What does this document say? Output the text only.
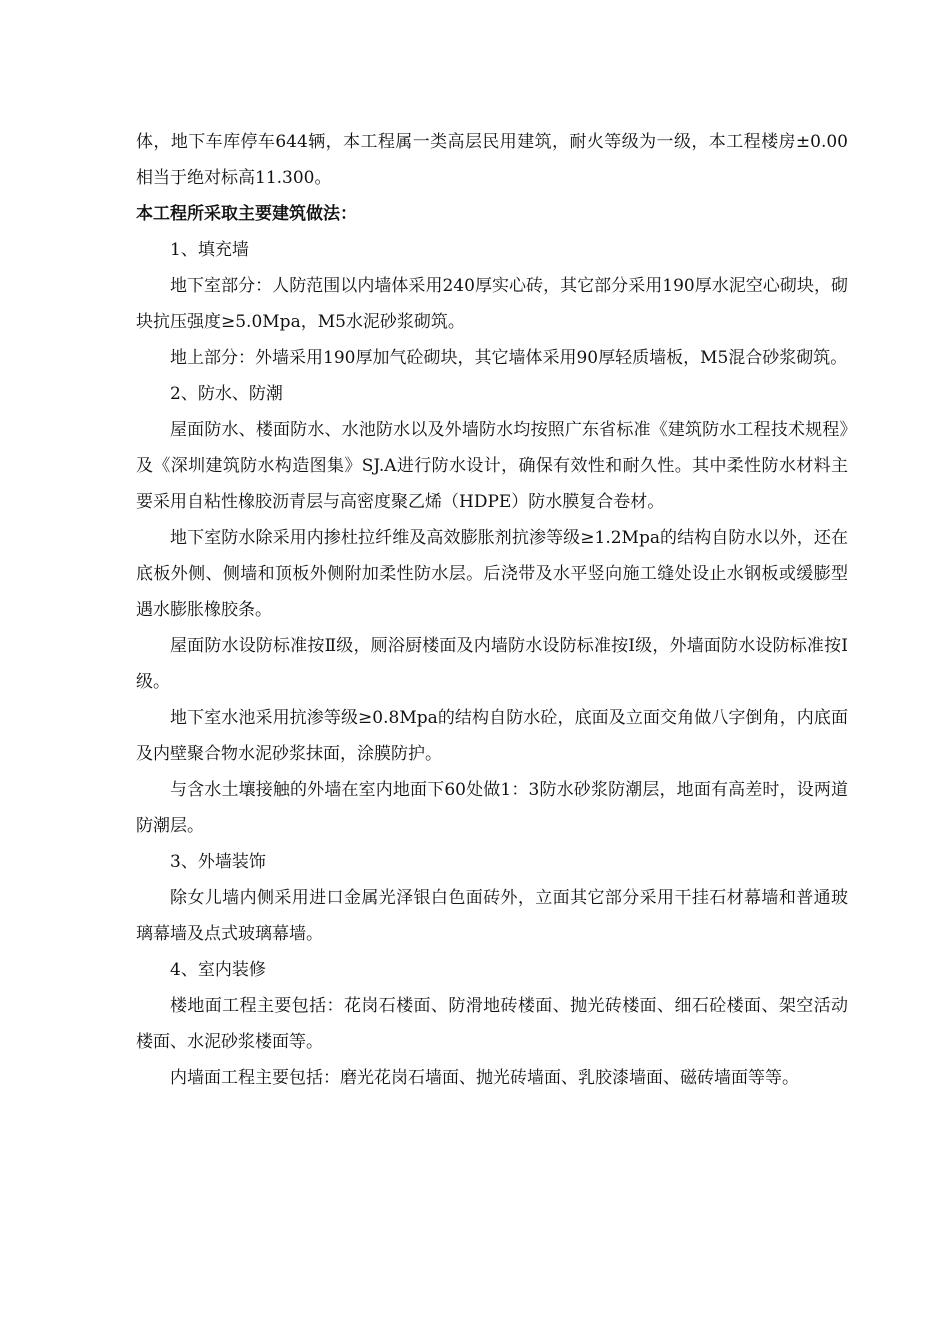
体，地下车库停车644辆，本工程属一类高层民用建筑，耐火等级为一级，本工程楼房±0.00相当于绝对标高11.300。

本工程所采取主要建筑做法：

1、填充墙

地下室部分：人防范围以内墙体采用240厚实心砖，其它部分采用190厚水泥空心砌块，砌块抗压强度≥5.0Mpa，M5水泥砂浆砌筑。

地上部分：外墙采用190厚加气砼砌块，其它墙体采用90厚轻质墙板，M5混合砂浆砌筑。

2、防水、防潮

屋面防水、楼面防水、水池防水以及外墙防水均按照广东省标准《建筑防水工程技术规程》及《深圳建筑防水构造图集》SJ.A进行防水设计，确保有效性和耐久性。其中柔性防水材料主要采用自粘性橡胶沥青层与高密度聚乙烯（HDPE）防水膜复合卷材。

地下室防水除采用内掺杜拉纤维及高效膨胀剂抗渗等级≥1.2Mpa的结构自防水以外，还在底板外侧、侧墙和顶板外侧附加柔性防水层。后浇带及水平竖向施工缝处设止水钢板或缓膨型遇水膨胀橡胶条。

屋面防水设防标准按Ⅱ级，厕浴厨楼面及内墙防水设防标准按Ⅰ级，外墙面防水设防标准按Ⅰ级。

地下室水池采用抗渗等级≥0.8Mpa的结构自防水砼，底面及立面交角做八字倒角，内底面及内壁聚合物水泥砂浆抹面，涂膜防护。

与含水土壤接触的外墙在室内地面下60处做1：3防水砂浆防潮层，地面有高差时，设两道防潮层。

3、外墙装饰

除女儿墙内侧采用进口金属光泽银白色面砖外，立面其它部分采用干挂石材幕墙和普通玻璃幕墙及点式玻璃幕墙。

4、室内装修

楼地面工程主要包括：花岗石楼面、防滑地砖楼面、抛光砖楼面、细石砼楼面、架空活动楼面、水泥砂浆楼面等。

内墙面工程主要包括：磨光花岗石墙面、抛光砖墙面、乳胶漆墙面、磁砖墙面等等。
